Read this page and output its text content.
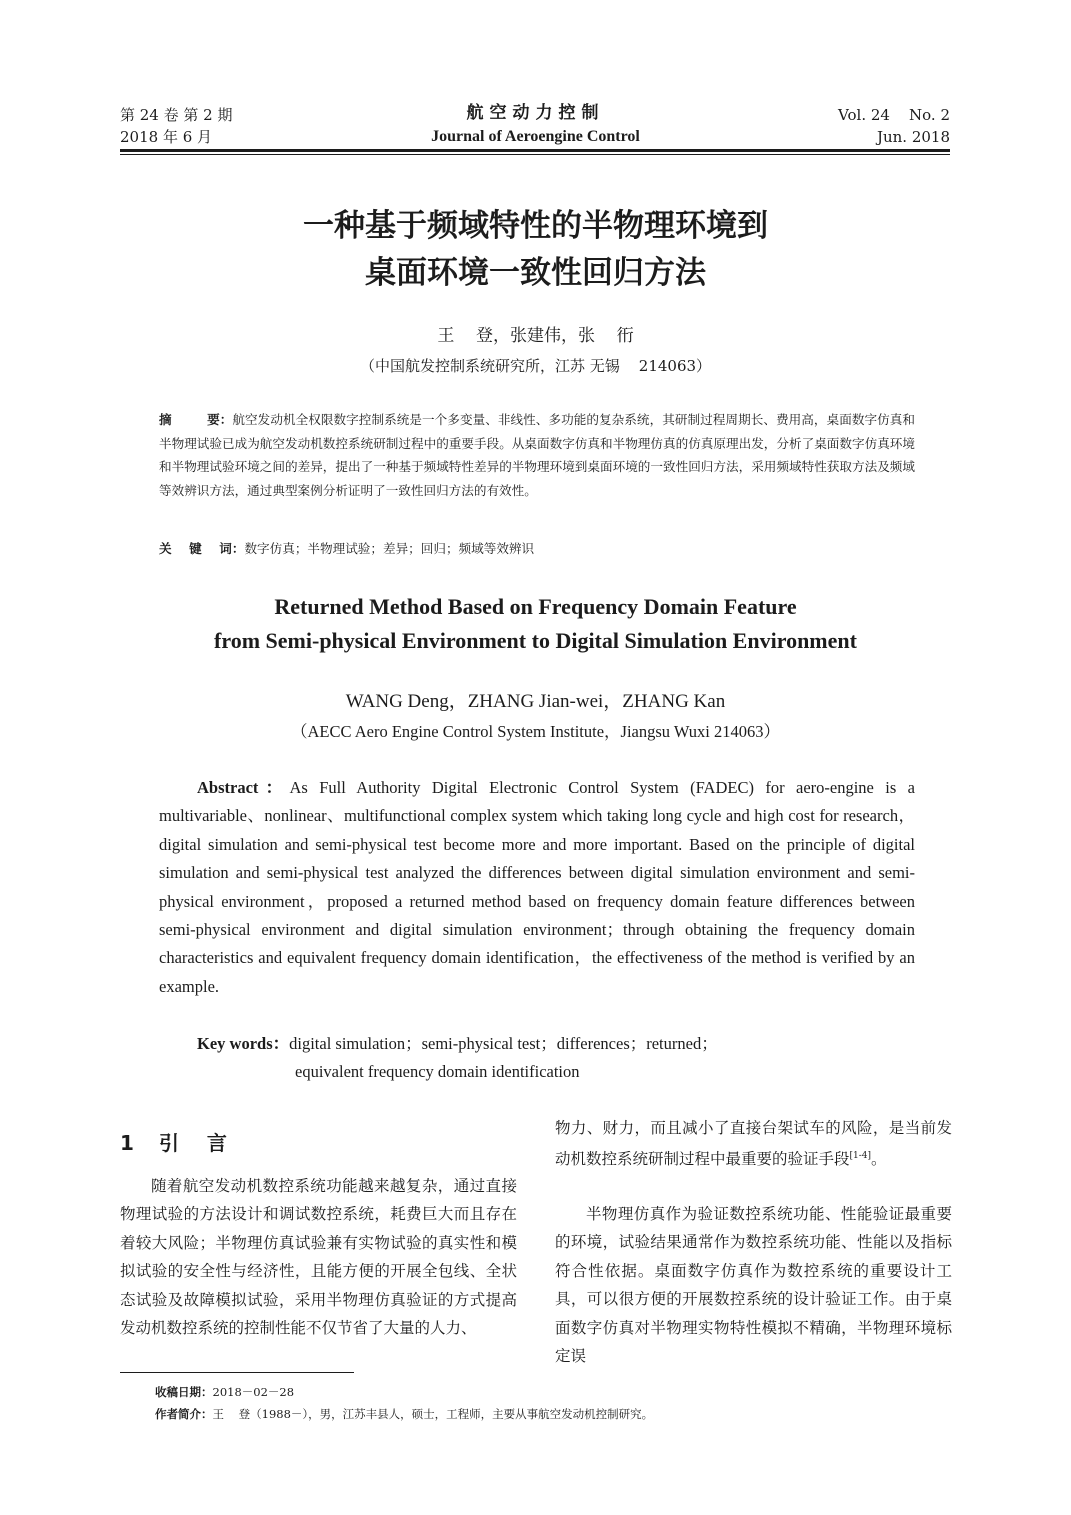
第 24 卷 第 2 期
2018 年 6 月
航空动力控制
Journal of Aeroengine Control
Vol. 24    No. 2
Jun. 2018
一种基于频域特性的半物理环境到
桌面环境一致性回归方法
王    登，张建伟，张    衎
（中国航发控制系统研究所，江苏 无锡    214063）

摘        要：航空发动机全权限数字控制系统是一个多变量、非线性、多功能的复杂系统，其研制过程周期长、费用高，桌面数字仿真和半物理试验已成为航空发动机数控系统研制过程中的重要手段。从桌面数字仿真和半物理仿真的仿真原理出发，分析了桌面数字仿真环境和半物理试验环境之间的差异，提出了一种基于频域特性差异的半物理环境到桌面环境的一致性回归方法，采用频域特性获取方法及频域等效辨识方法，通过典型案例分析证明了一致性回归方法的有效性。

关    键    词：数字仿真；半物理试验；差异；回归；频域等效辨识

Returned Method Based on Frequency Domain Feature
from Semi-physical Environment to Digital Simulation Environment
WANG Deng，ZHANG Jian-wei，ZHANG Kan
（AECC Aero Engine Control System Institute，Jiangsu Wuxi 214063）

Abstract：As Full Authority Digital Electronic Control System (FADEC) for aero-engine is a multivariable、nonlinear、multifunctional complex system which taking long cycle and high cost for research，digital simulation and semi-physical test become more and more important. Based on the principle of digital simulation and semi-physical test analyzed the differences between digital simulation environment and semi-physical environment，proposed a returned method based on frequency domain feature differences between semi-physical environment and digital simulation environment；through obtaining the frequency domain characteristics and equivalent frequency domain identification，the effectiveness of the method is verified by an example.

Key words：digital simulation；semi-physical test；differences；returned；
equivalent frequency domain identification
1 引    言

随着航空发动机数控系统功能越来越复杂，通过直接物理试验的方法设计和调试数控系统，耗费巨大而且存在着较大风险；半物理仿真试验兼有实物试验的真实性和模拟试验的安全性与经济性，且能方便的开展全包线、全状态试验及故障模拟试验，采用半物理仿真验证的方式提高发动机数控系统的控制性能不仅节省了大量的人力、

物力、财力，而且减小了直接台架试车的风险，是当前发动机数控系统研制过程中最重要的验证手段[1-4]。

半物理仿真作为验证数控系统功能、性能验证最重要的环境，试验结果通常作为数控系统功能、性能以及指标符合性依据。桌面数字仿真作为数控系统的重要设计工具，可以很方便的开展数控系统的设计验证工作。由于桌面数字仿真对半物理实物特性模拟不精确，半物理环境标定误

收稿日期：2018－02－28
作者简介：王    登（1988－），男，江苏丰县人，硕士，工程师，主要从事航空发动机控制研究。
